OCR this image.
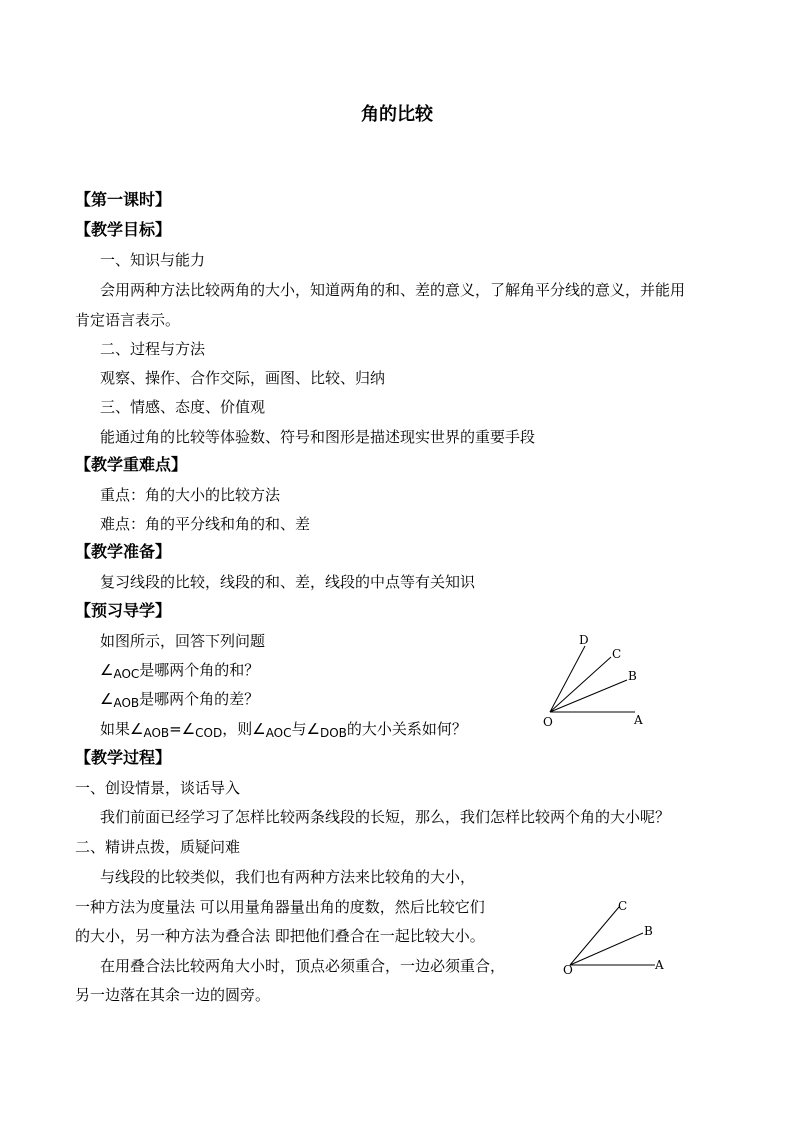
角的比较
【第一课时】
【教学目标】
一、知识与能力
会用两种方法比较两角的大小，知道两角的和、差的意义，了解角平分线的意义，并能用
肯定语言表示。
二、过程与方法
观察、操作、合作交际，画图、比较、归纳
三、情感、态度、价值观
能通过角的比较等体验数、符号和图形是描述现实世界的重要手段
【教学重难点】
重点：角的大小的比较方法
难点：角的平分线和角的和、差
【教学准备】
复习线段的比较，线段的和、差，线段的中点等有关知识
【预习导学】
如图所示，回答下列问题
$\angle_{AOC}$是哪两个角的和？
$\angle_{AOB}$是哪两个角的差？
如果$\angle_{AOB}=\angle_{COD}$，则$\angle_{AOC}$与$\angle_{DOB}$的大小关系如何？
D
C
B
A
O
【教学过程】
一、创设情景，谈话导入
我们前面已经学习了怎样比较两条线段的长短，那么，我们怎样比较两个角的大小呢？
二、精讲点拨，质疑问难
与线段的比较类似，我们也有两种方法来比较角的大小，
一种方法为度量法 可以用量角器量出角的度数，然后比较它们
的大小，另一种方法为叠合法 即把他们叠合在一起比较大小。
在用叠合法比较两角大小时，顶点必须重合，一边必须重合，
另一边落在其余一边的圆旁。
C
B
A
O
